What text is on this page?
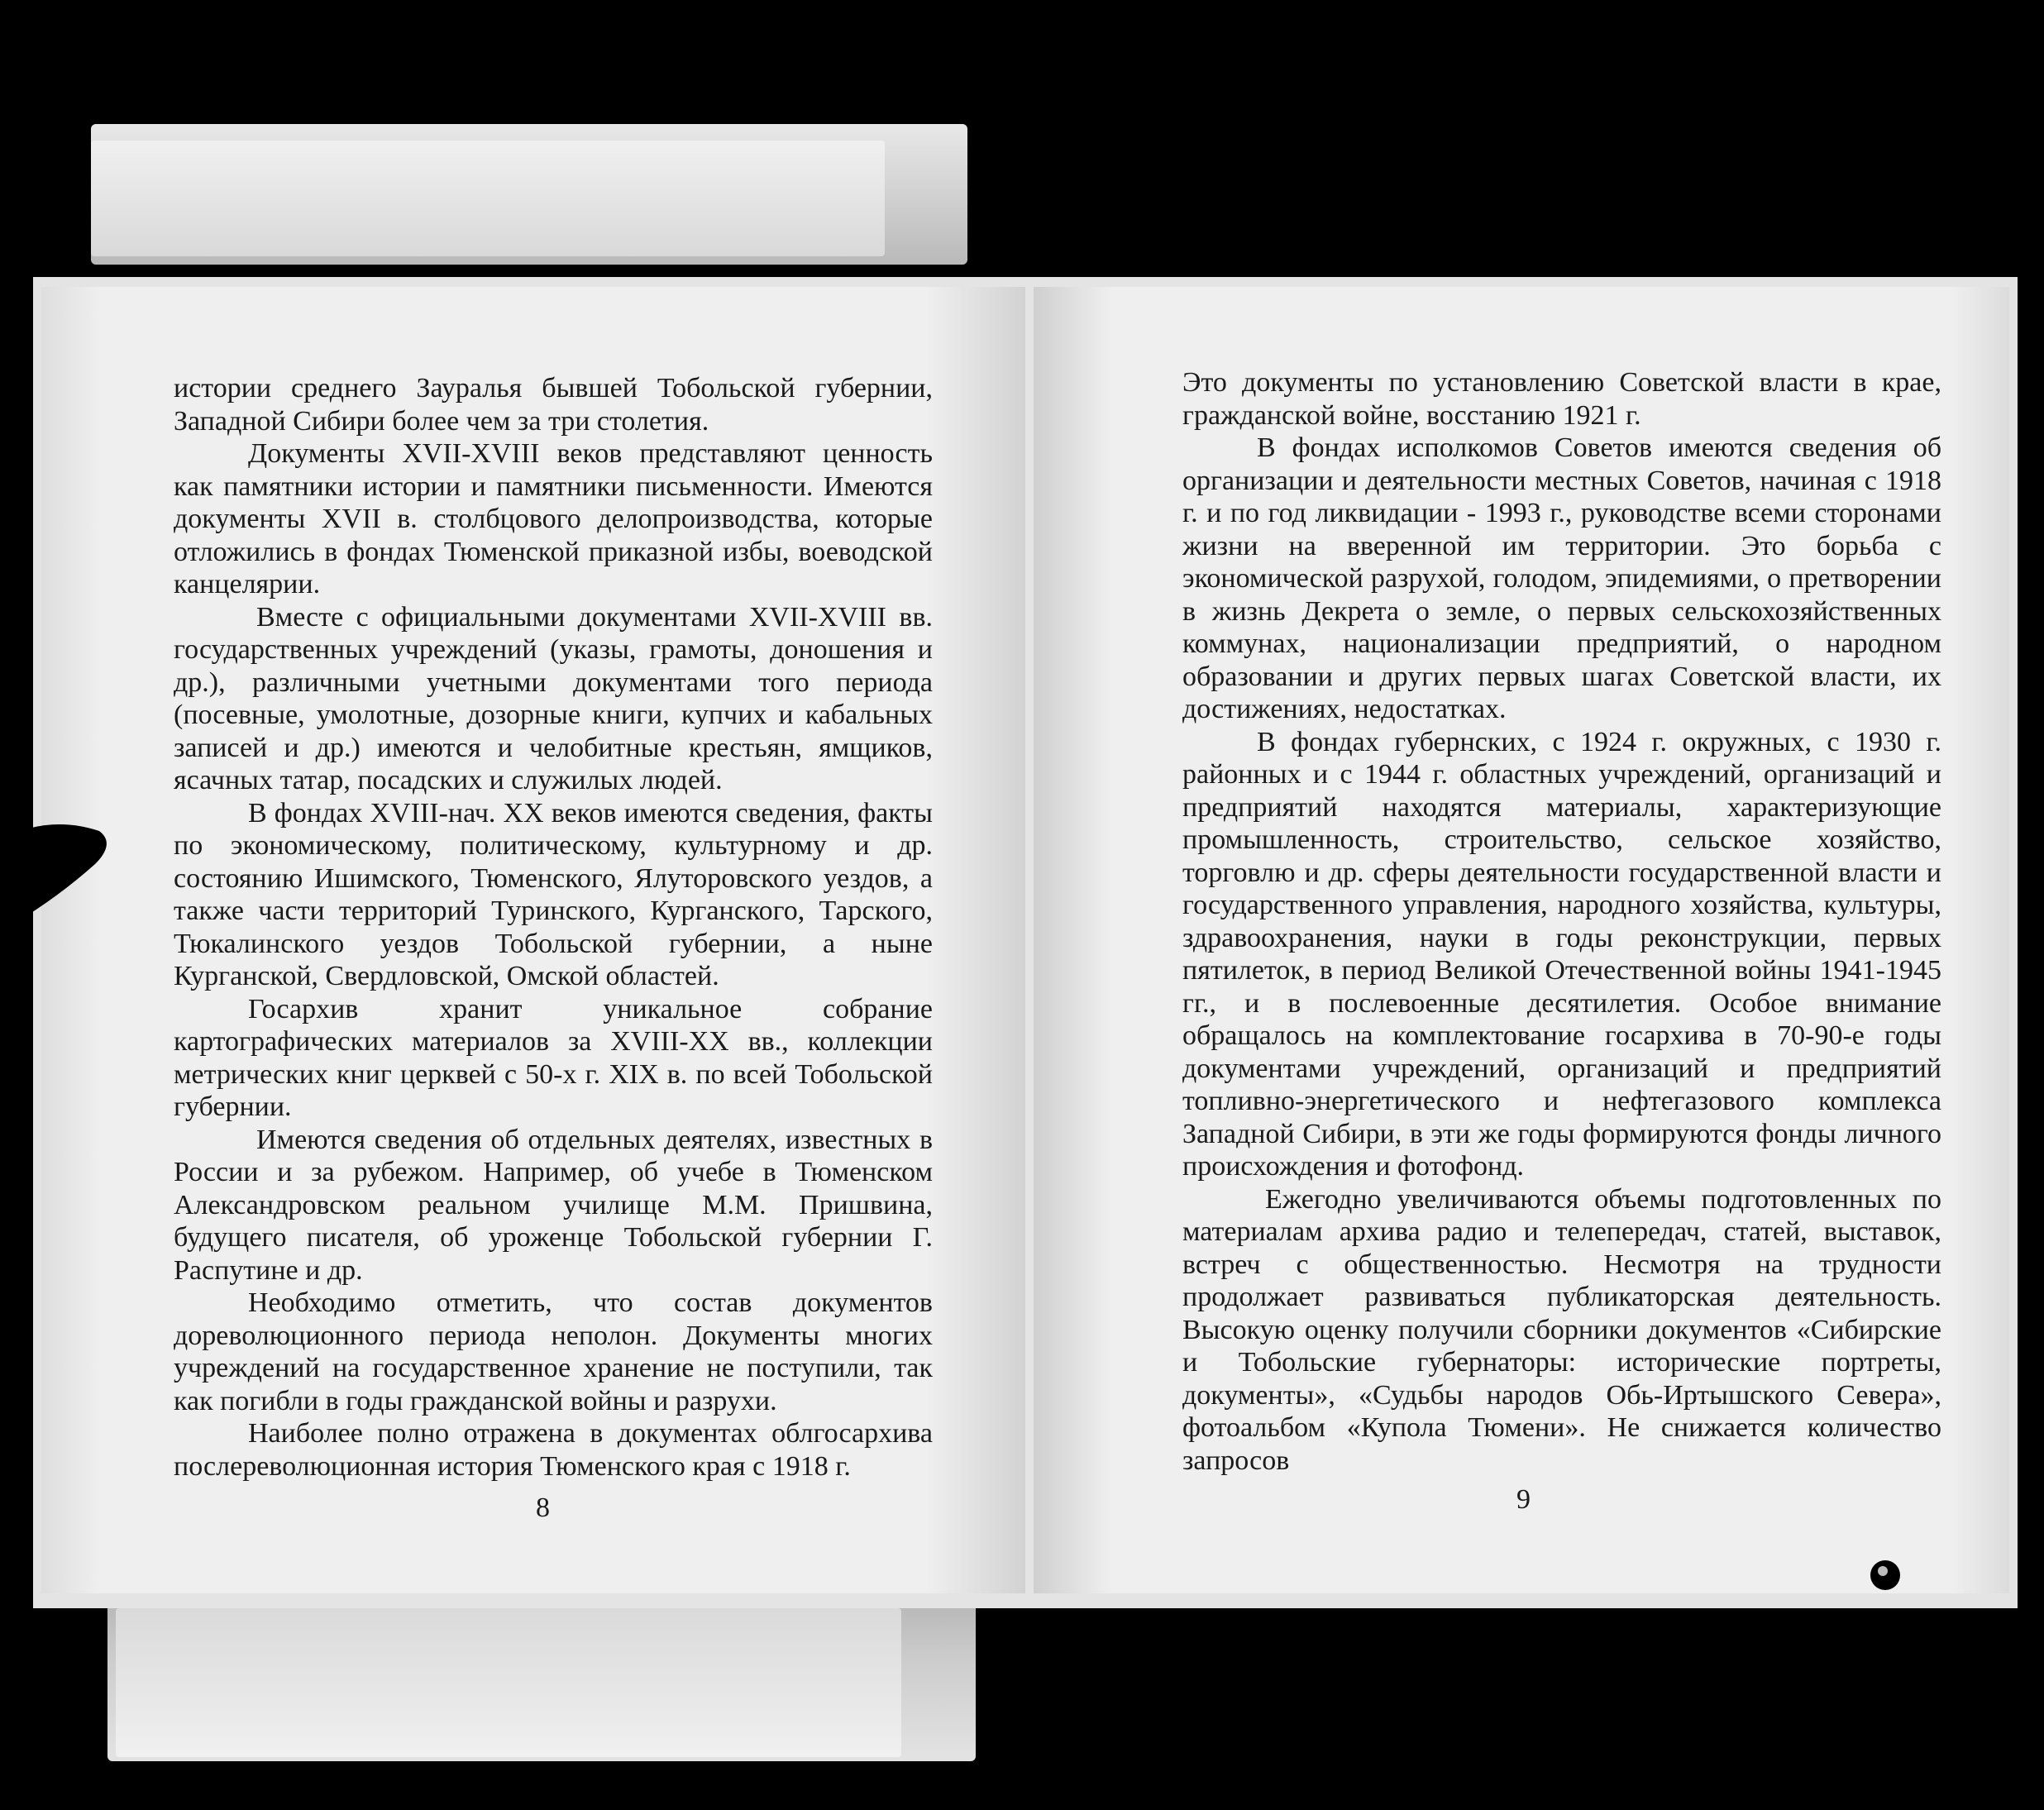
истории среднего Зауралья бывшей Тобольской губернии, Западной Сибири более чем за три столетия.

Документы XVII-XVIII веков представляют ценность как памятники истории и памятники письменности. Имеются документы XVII в. столбцового делопроизводства, которые отложились в фондах Тюменской приказной избы, воеводской канцелярии.

Вместе с официальными документами XVII-XVIII вв. государственных учреждений (указы, грамоты, доношения и др.), различными учетными документами того периода (посевные, умолотные, дозорные книги, купчих и кабальных записей и др.) имеются и челобитные крестьян, ямщиков, ясачных татар, посадских и служилых людей.

В фондах XVIII-нач. XX веков имеются сведения, факты по экономическому, политическому, культурному и др. состоянию Ишимского, Тюменского, Ялуторовского уездов, а также части территорий Туринского, Курганского, Тарского, Тюкалинского уездов Тобольской губернии, а ныне Курганской, Свердловской, Омской областей.

Госархив хранит уникальное собрание картографических материалов за XVIII-XX вв., коллекции метрических книг церквей с 50-х г. XIX в. по всей Тобольской губернии.

Имеются сведения об отдельных деятелях, известных в России и за рубежом. Например, об учебе в Тюменском Александровском реальном училище М.М. Пришвина, будущего писателя, об уроженце Тобольской губернии Г. Распутине и др.

Необходимо отметить, что состав документов дореволюционного периода неполон. Документы многих учреждений на государственное хранение не поступили, так как погибли в годы гражданской войны и разрухи.

Наиболее полно отражена в документах облгосархива послереволюционная история Тюменского края с 1918 г.

8

Это документы по установлению Советской власти в крае, гражданской войне, восстанию 1921 г.

В фондах исполкомов Советов имеются сведения об организации и деятельности местных Советов, начиная с 1918 г. и по год ликвидации - 1993 г., руководстве всеми сторонами жизни на вверенной им территории. Это борьба с экономической разрухой, голодом, эпидемиями, о претворении в жизнь Декрета о земле, о первых сельскохозяйственных коммунах, национализации предприятий, о народном образовании и других первых шагах Советской власти, их достижениях, недостатках.

В фондах губернских, с 1924 г. окружных, с 1930 г. районных и с 1944 г. областных учреждений, организаций и предприятий находятся материалы, характеризующие промышленность, строительство, сельское хозяйство, торговлю и др. сферы деятельности государственной власти и государственного управления, народного хозяйства, культуры, здравоохранения, науки в годы реконструкции, первых пятилеток, в период Великой Отечественной войны 1941-1945 гг., и в послевоенные десятилетия. Особое внимание обращалось на комплектование госархива в 70-90-е годы документами учреждений, организаций и предприятий топливно-энергетического и нефтегазового комплекса Западной Сибири, в эти же годы формируются фонды личного происхождения и фотофонд.

Ежегодно увеличиваются объемы подготовленных по материалам архива радио и телепередач, статей, выставок, встреч с общественностью. Несмотря на трудности продолжает развиваться публикаторская деятельность. Высокую оценку получили сборники документов «Сибирские и Тобольские губернаторы: исторические портреты, документы», «Судьбы народов Обь-Иртышского Севера», фотоальбом «Купола Тюмени». Не снижается количество запросов

9
